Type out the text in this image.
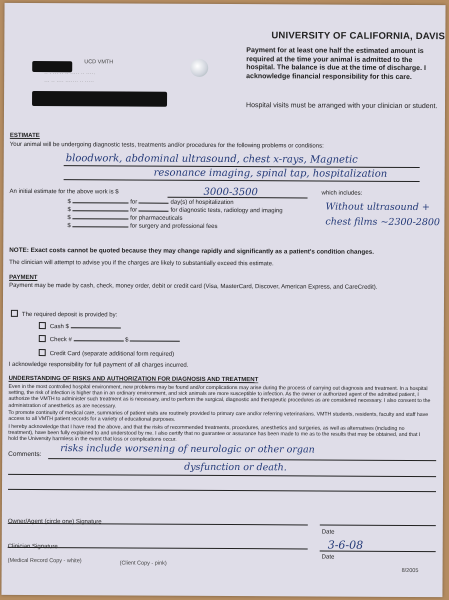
UNIVERSITY OF CALIFORNIA, DAVIS
UCD VMTH
·· · ··· ·· ·· ····· ·· ·····
··· ·· ···· ······· ·· ·····
Payment for at least one half the estimated amount is required at the time your animal is admitted to the hospital. The balance is due at the time of discharge. I acknowledge financial responsibility for this care.
Hospital visits must be arranged with your clinician or student.
ESTIMATE
Your animal will be undergoing diagnostic tests, treatments and/or procedures for the following problems or conditions:
bloodwork, abdominal ultrasound, chest x-rays, Magnetic
resonance imaging, spinal tap, hospitalization
An initial estimate for the above work is $	3000-3500	which includes:
$	for	day(s) of hospitalization
$	for	for diagnostic tests, radiology and imaging
$	for pharmaceuticals
$	for surgery and professional fees
Without ultrasound +
chest films ~2300-2800
NOTE: Exact costs cannot be quoted because they may change rapidly and significantly as a patient's condition changes.
The clinician will attempt to advise you if the charges are likely to substantially exceed this estimate.
PAYMENT
Payment may be made by cash, check, money order, debit or credit card (Visa, MasterCard, Discover, American Express, and CareCredit).
The required deposit is provided by:
Cash $
Check #	$
Credit Card (separate additional form required)
I acknowledge responsibility for full payment of all charges incurred.
UNDERSTANDING OF RISKS AND AUTHORIZATION FOR DIAGNOSIS AND TREATMENT
Even in the most controlled hospital environment, new problems may be found and/or complications may arise during the process of carrying out diagnosis and treatment. In a hospital setting, the risk of infection is higher than in an ordinary environment, and sick animals are more susceptible to infection. As the owner or authorized agent of the admitted patient, I authorize the VMTH to administer such treatment as is necessary, and to perform the surgical, diagnostic and therapeutic procedures as are considered necessary. I also consent to the administration of anesthetics as are necessary.
To promote continuity of medical care, summaries of patient visits are routinely provided to primary care and/or referring veterinarians. VMTH students, residents, faculty and staff have access to all VMTH patient records for a variety of educational purposes.
I hereby acknowledge that I have read the above, and that the risks of recommended treatments, procedures, anesthetics and surgeries, as well as alternatives (including no treatment), have been fully explained to and understood by me. I also certify that no guarantee or assurance has been made to me as to the results that may be obtained, and that I hold the University harmless in the event that loss or complications occur.
Comments: risks include worsening of neurologic or other organ
dysfunction or death.
Owner/Agent (circle one) Signature
Date
3-6-08
Clinician Signature
Date
(Medical Record Copy - white)	(Client Copy - pink)
8/2005
